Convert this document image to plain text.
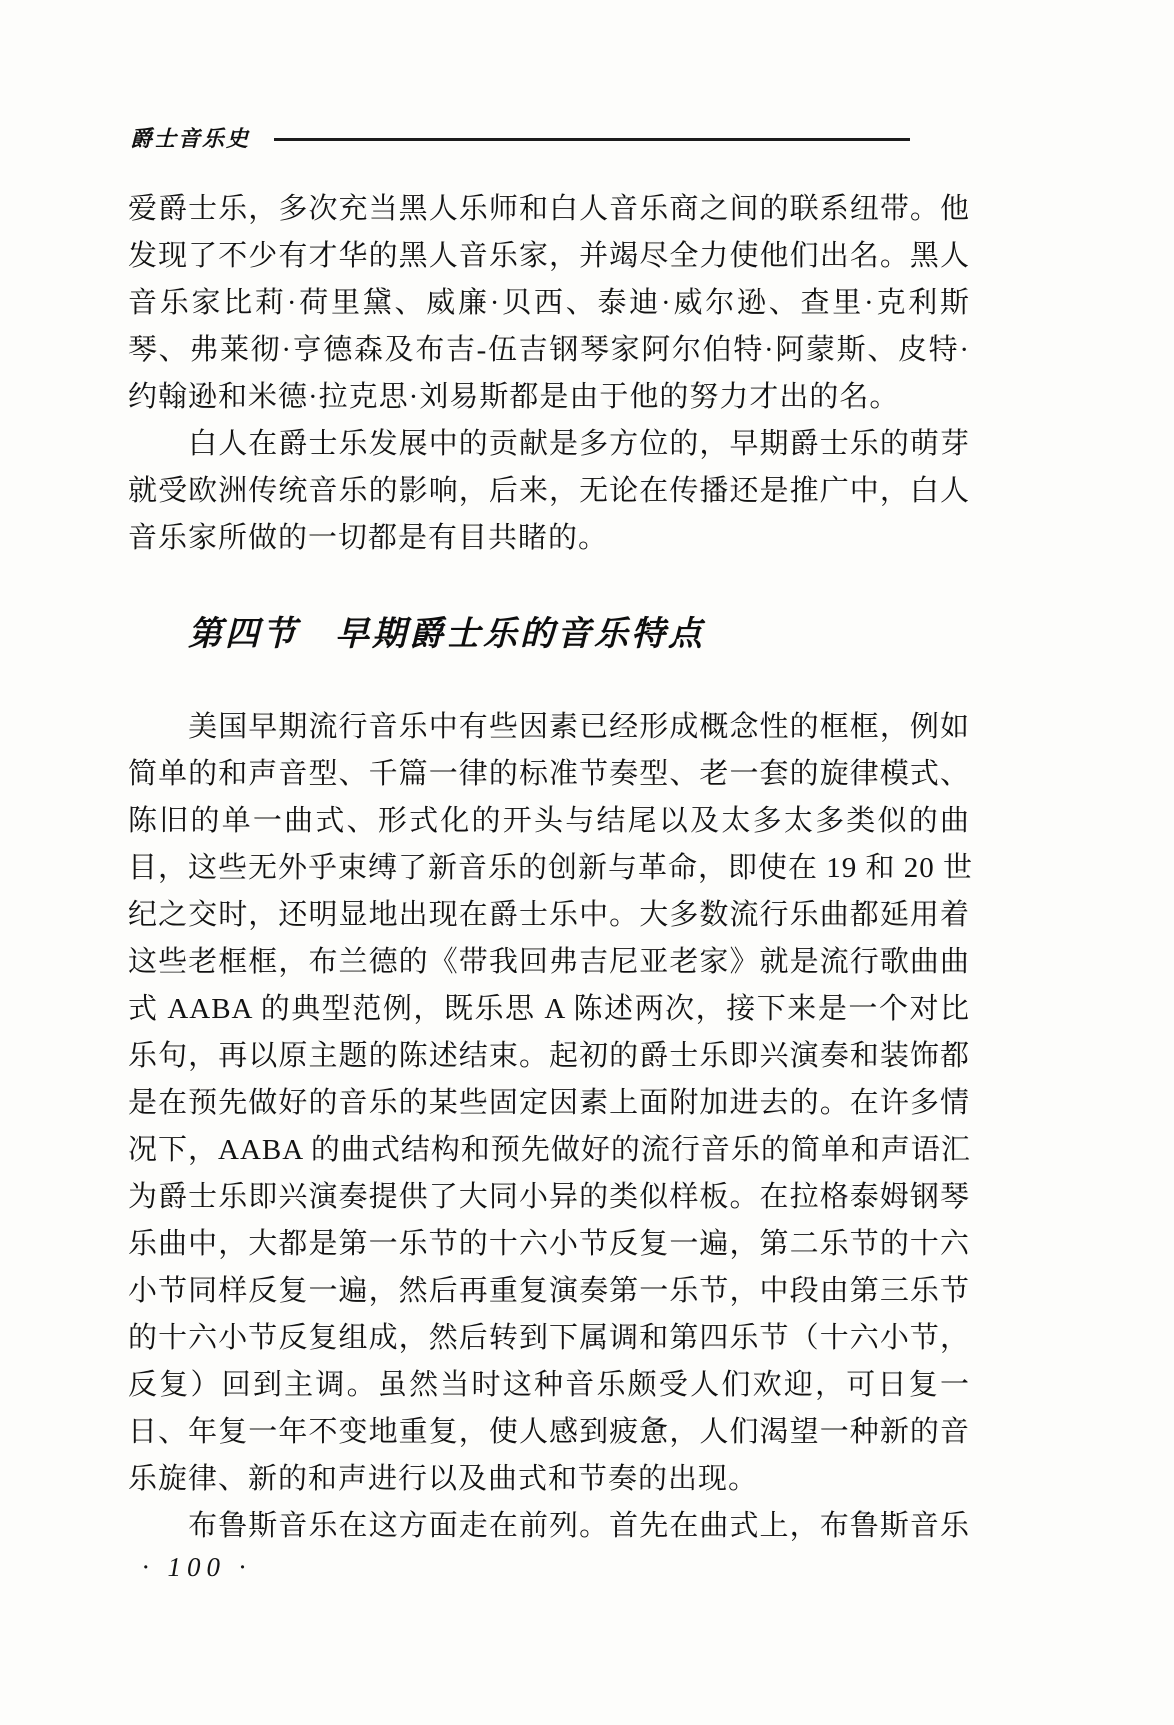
爵士音乐史
爱爵士乐，多次充当黑人乐师和白人音乐商之间的联系纽带。他
发现了不少有才华的黑人音乐家，并竭尽全力使他们出名。黑人
音乐家比莉·荷里黛、威廉·贝西、泰迪·威尔逊、查里·克利斯
琴、弗莱彻·亨德森及布吉-伍吉钢琴家阿尔伯特·阿蒙斯、皮特·
约翰逊和米德·拉克思·刘易斯都是由于他的努力才出的名。
　　白人在爵士乐发展中的贡献是多方位的，早期爵士乐的萌芽
就受欧洲传统音乐的影响，后来，无论在传播还是推广中，白人
音乐家所做的一切都是有目共睹的。
第四节 早期爵士乐的音乐特点
　　美国早期流行音乐中有些因素已经形成概念性的框框，例如
简单的和声音型、千篇一律的标准节奏型、老一套的旋律模式、
陈旧的单一曲式、形式化的开头与结尾以及太多太多类似的曲
目，这些无外乎束缚了新音乐的创新与革命，即使在 19 和 20 世
纪之交时，还明显地出现在爵士乐中。大多数流行乐曲都延用着
这些老框框，布兰德的《带我回弗吉尼亚老家》就是流行歌曲曲
式 AABA 的典型范例，既乐思 A 陈述两次，接下来是一个对比
乐句，再以原主题的陈述结束。起初的爵士乐即兴演奏和装饰都
是在预先做好的音乐的某些固定因素上面附加进去的。在许多情
况下，AABA 的曲式结构和预先做好的流行音乐的简单和声语汇
为爵士乐即兴演奏提供了大同小异的类似样板。在拉格泰姆钢琴
乐曲中，大都是第一乐节的十六小节反复一遍，第二乐节的十六
小节同样反复一遍，然后再重复演奏第一乐节，中段由第三乐节
的十六小节反复组成，然后转到下属调和第四乐节（十六小节，
反复）回到主调。虽然当时这种音乐颇受人们欢迎，可日复一
日、年复一年不变地重复，使人感到疲惫，人们渴望一种新的音
乐旋律、新的和声进行以及曲式和节奏的出现。
　　布鲁斯音乐在这方面走在前列。首先在曲式上，布鲁斯音乐
· 100 ·
